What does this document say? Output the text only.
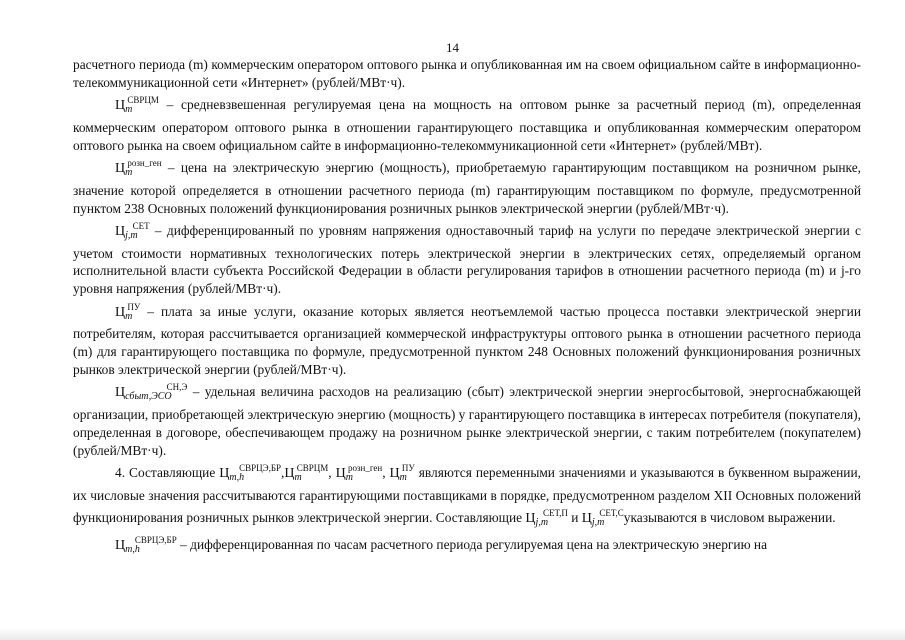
14

расчетного периода (m) коммерческим оператором оптового рынка и опубликованная им на своем официальном сайте в информационно-телекоммуникационной сети «Интернет» (рублей/МВт·ч).

$Ц_m^{СВРЦМ}$ – средневзвешенная регулируемая цена на мощность на оптовом рынке за расчетный период (m), определенная коммерческим оператором оптового рынка в отношении гарантирующего поставщика и опубликованная коммерческим оператором оптового рынка на своем официальном сайте в информационно-телекоммуникационной сети «Интернет» (рублей/МВт).

$Ц_m^{розн\_ген}$ – цена на электрическую энергию (мощность), приобретаемую гарантирующим поставщиком на розничном рынке, значение которой определяется в отношении расчетного периода (m) гарантирующим поставщиком по формуле, предусмотренной пунктом 238 Основных положений функционирования розничных рынков электрической энергии (рублей/МВт·ч).

$Ц_{j,m}^{СЕТ}$ – дифференцированный по уровням напряжения одноставочный тариф на услуги по передаче электрической энергии с учетом стоимости нормативных технологических потерь электрической энергии в электрических сетях, определяемый органом исполнительной власти субъекта Российской Федерации в области регулирования тарифов в отношении расчетного периода (m) и j-го уровня напряжения (рублей/МВт·ч).

$Ц_m^{ПУ}$ – плата за иные услуги, оказание которых является неотъемлемой частью процесса поставки электрической энергии потребителям, которая рассчитывается организацией коммерческой инфраструктуры оптового рынка в отношении расчетного периода (m) для гарантирующего поставщика по формуле, предусмотренной пунктом 248 Основных положений функционирования розничных рынков электрической энергии (рублей/МВт·ч).

$Ц_{сбыт,ЭСО}^{СН,Э}$ – удельная величина расходов на реализацию (сбыт) электрической энергии энергосбытовой, энергоснабжающей организации, приобретающей электрическую энергию (мощность) у гарантирующего поставщика в интересах потребителя (покупателя), определенная в договоре, обеспечивающем продажу на розничном рынке электрической энергии, с таким потребителем (покупателем) (рублей/МВт·ч).

4. Составляющие $Ц_{m,h}^{СВРЦЭ,БР},Ц_m^{СВРЦМ}$, $Ц_m^{розн\_ген}$, $Ц_m^{ПУ}$ являются переменными значениями и указываются в буквенном выражении, их числовые значения рассчитываются гарантирующими поставщиками в порядке, предусмотренном разделом XII Основных положений функционирования розничных рынков электрической энергии. Составляющие $Ц_{j,m}^{СЕТ,П}$ и $Ц_{j,m}^{СЕТ,С}указываются$ в числовом выражении.

$Ц_{m,h}^{СВРЦЭ,БР}$ – дифференцированная по часам расчетного периода регулируемая цена на электрическую энергию на
